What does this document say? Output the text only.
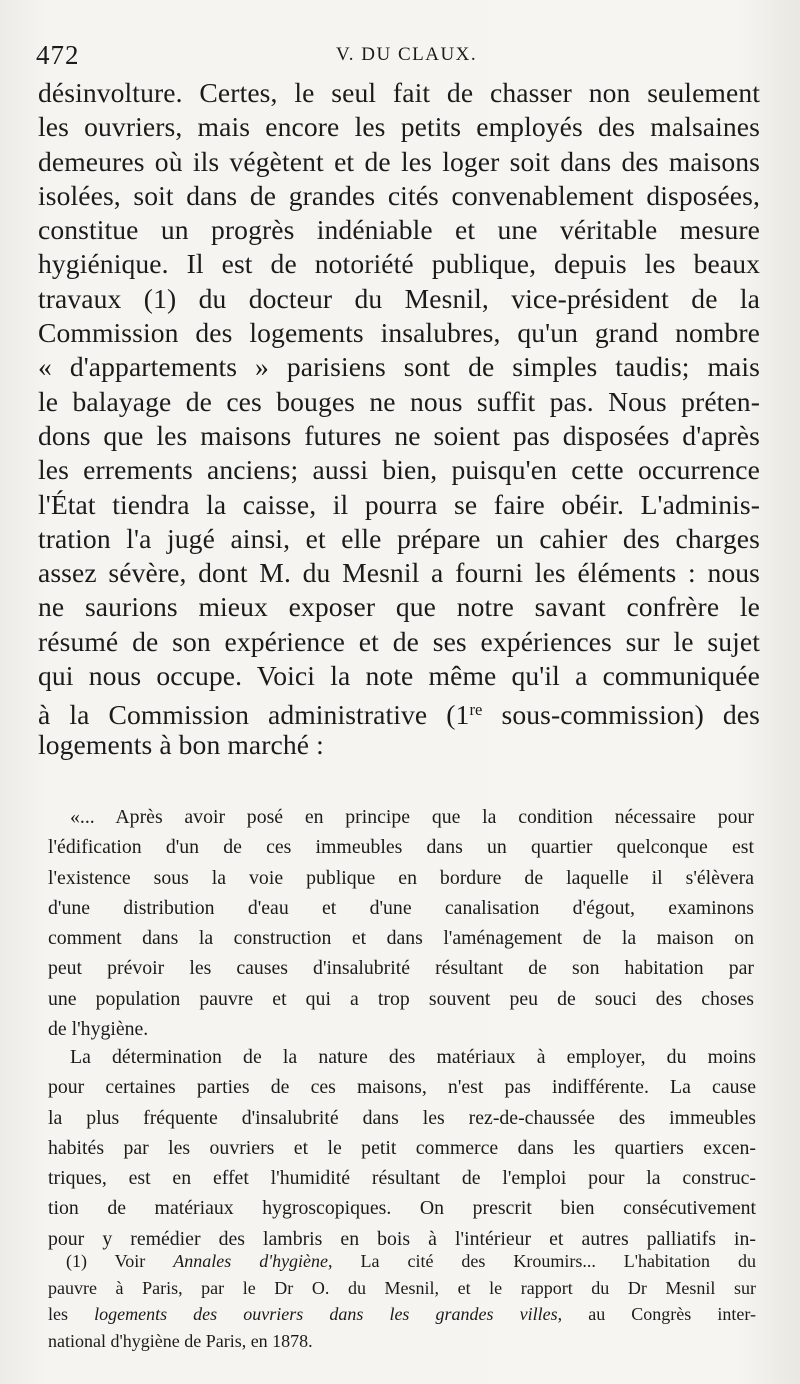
472	V. DU CLAUX.
désinvolture. Certes, le seul fait de chasser non seulement
les ouvriers, mais encore les petits employés des malsaines
demeures où ils végètent et de les loger soit dans des maisons
isolées, soit dans de grandes cités convenablement disposées,
constitue un progrès indéniable et une véritable mesure
hygiénique. Il est de notoriété publique, depuis les beaux
travaux (1) du docteur du Mesnil, vice-président de la
Commission des logements insalubres, qu'un grand nombre
« d'appartements » parisiens sont de simples taudis; mais
le balayage de ces bouges ne nous suffit pas. Nous préten-
dons que les maisons futures ne soient pas disposées d'après
les errements anciens; aussi bien, puisqu'en cette occurrence
l'État tiendra la caisse, il pourra se faire obéir. L'adminis-
tration l'a jugé ainsi, et elle prépare un cahier des charges
assez sévère, dont M. du Mesnil a fourni les éléments : nous
ne saurions mieux exposer que notre savant confrère le
résumé de son expérience et de ses expériences sur le sujet
qui nous occupe. Voici la note même qu'il a communiquée
à la Commission administrative (1re sous-commission) des
logements à bon marché :
«... Après avoir posé en principe que la condition nécessaire pour
l'édification d'un de ces immeubles dans un quartier quelconque est
l'existence sous la voie publique en bordure de laquelle il s'élèvera
d'une distribution d'eau et d'une canalisation d'égout, examinons
comment dans la construction et dans l'aménagement de la maison on
peut prévoir les causes d'insalubrité résultant de son habitation par
une population pauvre et qui a trop souvent peu de souci des choses
de l'hygiène.
La détermination de la nature des matériaux à employer, du moins
pour certaines parties de ces maisons, n'est pas indifférente. La cause
la plus fréquente d'insalubrité dans les rez-de-chaussée des immeubles
habités par les ouvriers et le petit commerce dans les quartiers excen-
triques, est en effet l'humidité résultant de l'emploi pour la construc-
tion de matériaux hygroscopiques. On prescrit bien consécutivement
pour y remédier des lambris en bois à l'intérieur et autres palliatifs in-
(1) Voir Annales d'hygiène, La cité des Kroumirs... L'habitation du
pauvre à Paris, par le Dr O. du Mesnil, et le rapport du Dr Mesnil sur
les logements des ouvriers dans les grandes villes, au Congrès inter-
national d'hygiène de Paris, en 1878.
